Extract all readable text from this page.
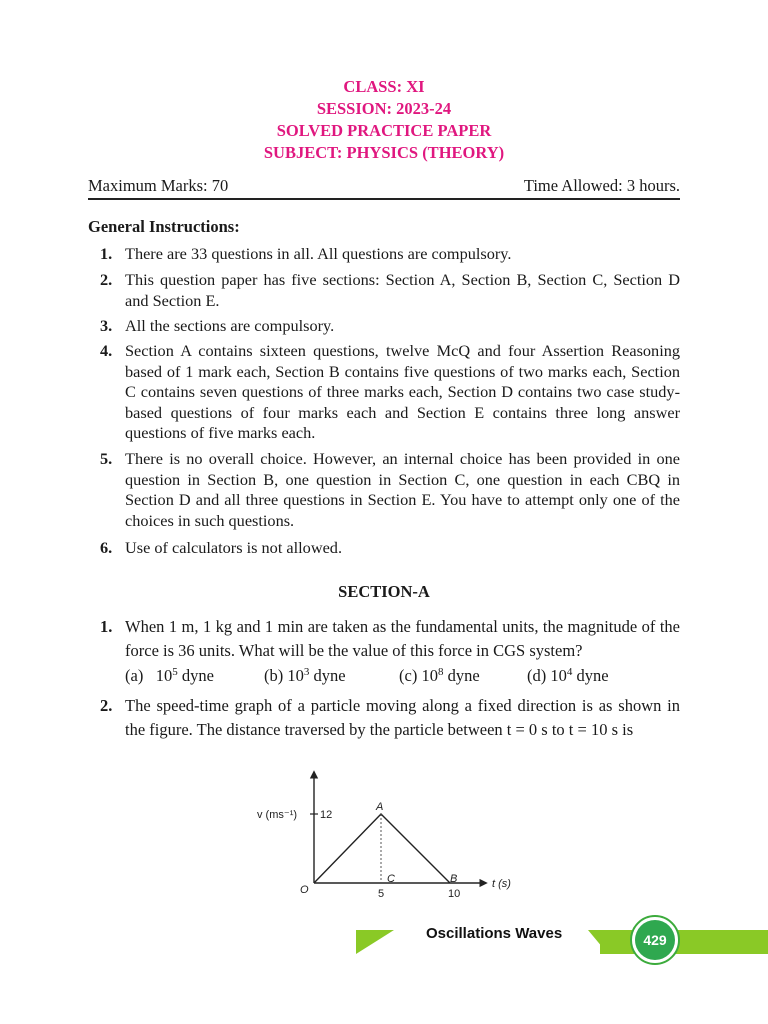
CLASS: XI
SESSION: 2023-24
SOLVED PRACTICE PAPER
SUBJECT: PHYSICS (THEORY)
Maximum Marks: 70	Time Allowed: 3 hours.
General Instructions:
1. There are 33 questions in all. All questions are compulsory.
2. This question paper has five sections: Section A, Section B, Section C, Section D and Section E.
3. All the sections are compulsory.
4. Section A contains sixteen questions, twelve McQ and four Assertion Reasoning based of 1 mark each, Section B contains five questions of two marks each, Section C contains seven questions of three marks each, Section D contains two case study-based questions of four marks each and Section E contains three long answer questions of five marks each.
5. There is no overall choice. However, an internal choice has been provided in one question in Section B, one question in Section C, one question in each CBQ in Section D and all three questions in Section E. You have to attempt only one of the choices in such questions.
6. Use of calculators is not allowed.
SECTION-A
1. When 1 m, 1 kg and 1 min are taken as the fundamental units, the magnitude of the force is 36 units. What will be the value of this force in CGS system?
(a) $10^5$ dyne	(b) $10^3$ dyne	(c) $10^8$ dyne	(d) $10^4$ dyne
2. The speed-time graph of a particle moving along a fixed direction is as shown in the figure. The distance traversed by the particle between t = 0 s to t = 10 s is
v (ms⁻¹) 12
A
C	B
O	5	10
t (s)
Oscillations Waves	429
